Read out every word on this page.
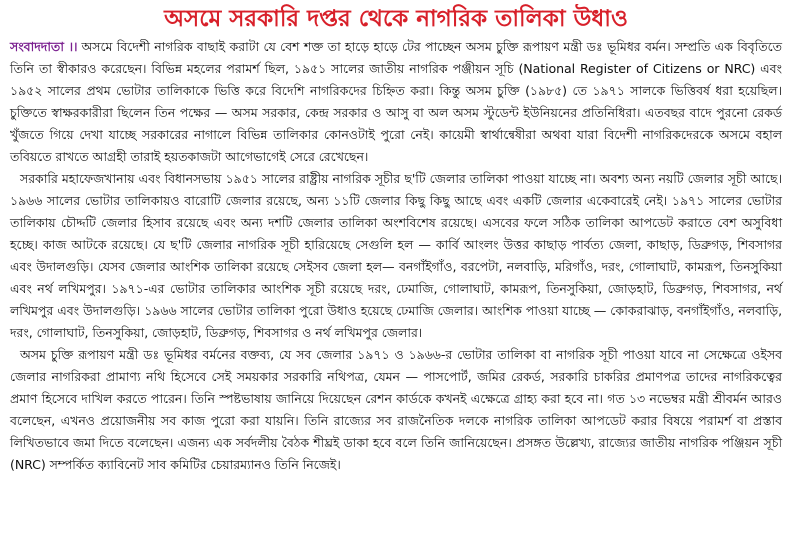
অসমে সরকারি দপ্তর থেকে নাগরিক তালিকা উধাও

সংবাদদাতা ।। অসমে বিদেশী নাগরিক বাছাই করাটা যে বেশ শক্ত তা হাড়ে হাড়ে টের পাচ্ছেন অসম চুক্তি রূপায়ণ মন্ত্রী ডঃ ভূমিধর বর্মন। সম্প্রতি এক বিবৃতিতে তিনি তা স্বীকারও করেছেন। বিভিন্ন মহলের পরামর্শ ছিল, ১৯৫১ সালের জাতীয় নাগরিক পঞ্জীয়ন সূচি (National Register of Citizens or NRC) এবং ১৯৫২ সালের প্রথম ভোটার তালিকাকে ভিত্তি করে বিদেশি নাগরিকদের চিহ্নিত করা। কিন্তু অসম চুক্তি (১৯৮৫) তে ১৯৭১ সালকে ভিত্তিবর্ষ ধরা হয়েছিল। চুক্তিতে স্বাক্ষরকারীরা ছিলেন তিন পক্ষের — অসম সরকার, কেন্দ্র সরকার ও আসু বা অল অসম স্টুডেন্ট ইউনিয়নের প্রতিনিধিরা। এতবছর বাদে পুরনো রেকর্ড খুঁজতে গিয়ে দেখা যাচ্ছে সরকারের নাগালে বিভিন্ন তালিকার কোনওটাই পুরো নেই। কায়েমী স্বার্থান্বেষীরা অথবা যারা বিদেশী নাগরিকদেরকে অসমে বহাল তবিয়তে রাখতে আগ্রহী তারাই হয়তকাজটা আগেভাগেই সেরে রেখেছেন।

সরকারি মহাফেজখানায় এবং বিধানসভায় ১৯৫১ সালের রাষ্ট্রীয় নাগরিক সূচীর ছ'টি জেলার তালিকা পাওয়া যাচ্ছে না। অবশ্য অন্য নয়টি জেলার সূচী আছে। ১৯৬৬ সালের ভোটার তালিকায়ও বারোটি জেলার রয়েছে, অন্য ১১টি জেলার কিছু কিছু আছে এবং একটি জেলার একেবারেই নেই। ১৯৭১ সালের ভোটার তালিকায় চৌদ্দটি জেলার হিসাব রয়েছে এবং অন্য দশটি জেলার তালিকা অংশবিশেষ রয়েছে। এসবের ফলে সঠিক তালিকা আপডেট করাতে বেশ অসুবিধা হচ্ছে। কাজ আটকে রয়েছে। যে ছ'টি জেলার নাগরিক সূচী হারিয়েছে সেগুলি হল — কার্বি আংলং উত্তর কাছাড় পার্বত্য জেলা, কাছাড়, ডিব্রুগড়, শিবসাগর এবং উদালগুড়ি। যেসব জেলার আংশিক তালিকা রয়েছে সেইসব জেলা হল— বনগাঁইগাঁও, বরপেটা, নলবাড়ি, মরিগাঁও, দরং, গোলাঘাট, কামরূপ, তিনসুকিয়া এবং নর্থ লখিমপুর। ১৯৭১-এর ভোটার তালিকার আংশিক সূচী রয়েছে দরং, ঢেমাজি, গোলাঘাট, কামরূপ, তিনসুকিয়া, জোড়হাট, ডিব্রুগড়, শিবসাগর, নর্থ লখিমপুর এবং উদালগুড়ি। ১৯৬৬ সালের ভোটার তালিকা পুরো উধাও হয়েছে ঢেমাজি জেলার। আংশিক পাওয়া যাচ্ছে — কোকরাঝাড়, বনগাঁইগাঁও, নলবাড়ি, দরং, গোলাঘাট, তিনসুকিয়া, জোড়হাট, ডিব্রুগড়, শিবসাগর ও নর্থ লখিমপুর জেলার।

অসম চুক্তি রূপায়ণ মন্ত্রী ডঃ ভূমিধর বর্মনের বক্তব্য, যে সব জেলার ১৯৭১ ও ১৯৬৬-র ভোটার তালিকা বা নাগরিক সূচী পাওয়া যাবে না সেক্ষেত্রে ওইসব জেলার নাগরিকরা প্রামাণ্য নথি হিসেবে সেই সময়কার সরকারি নথিপত্র, যেমন — পাসপোর্ট, জমির রেকর্ড, সরকারি চাকরির প্রমাণপত্র তাদের নাগরিকত্বের প্রমাণ হিসেবে দাখিল করতে পারেন। তিনি স্পষ্টভাষায় জানিয়ে দিয়েছেন রেশন কার্ডকে কখনই এক্ষেত্রে গ্রাহ্য করা হবে না। গত ১৩ নভেম্বর মন্ত্রী শ্রীবর্মন আরও বলেছেন, এখনও প্রয়োজনীয় সব কাজ পুরো করা যায়নি। তিনি রাজ্যের সব রাজনৈতিক দলকে নাগরিক তালিকা আপডেট করার বিষয়ে পরামর্শ বা প্রস্তাব লিখিতভাবে জমা দিতে বলেছেন। এজন্য এক সর্বদলীয় বৈঠক শীঘ্রই ডাকা হবে বলে তিনি জানিয়েছেন। প্রসঙ্গত উল্লেখ্য, রাজ্যের জাতীয় নাগরিক পঞ্জিয়ন সূচী (NRC) সম্পর্কিত ক্যাবিনেট সাব কমিটির চেয়ারম্যানও তিনি নিজেই।
